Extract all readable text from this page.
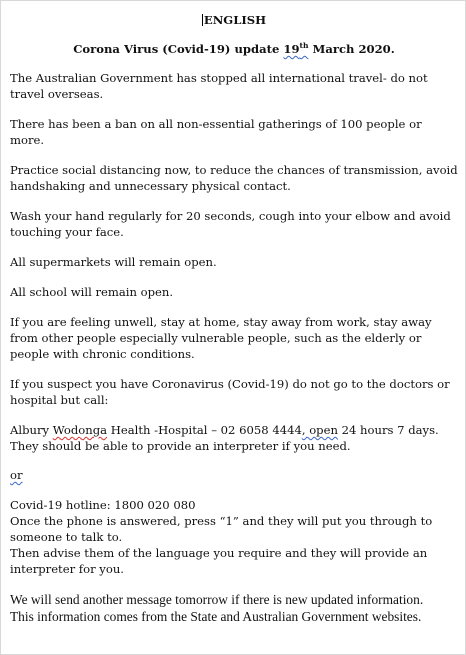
ENGLISH

Corona Virus (Covid-19) update 19th March 2020.

The Australian Government has stopped all international travel- do not travel overseas.

There has been a ban on all non-essential gatherings of 100 people or more.

Practice social distancing now, to reduce the chances of transmission, avoid handshaking and unnecessary physical contact.

Wash your hand regularly for 20 seconds, cough into your elbow and avoid touching your face.

All supermarkets will remain open.

All school will remain open.

If you are feeling unwell, stay at home, stay away from work, stay away from other people especially vulnerable people, such as the elderly or people with chronic conditions.

If you suspect you have Coronavirus (Covid-19) do not go to the doctors or hospital but call:

Albury Wodonga Health -Hospital – 02 6058 4444, open 24 hours 7 days.

They should be able to provide an interpreter if you need.

or

Covid-19 hotline: 1800 020 080

Once the phone is answered, press “1” and they will put you through to someone to talk to.

Then advise them of the language you require and they will provide an interpreter for you.

We will send another message tomorrow if there is new updated information.

This information comes from the State and Australian Government websites.
